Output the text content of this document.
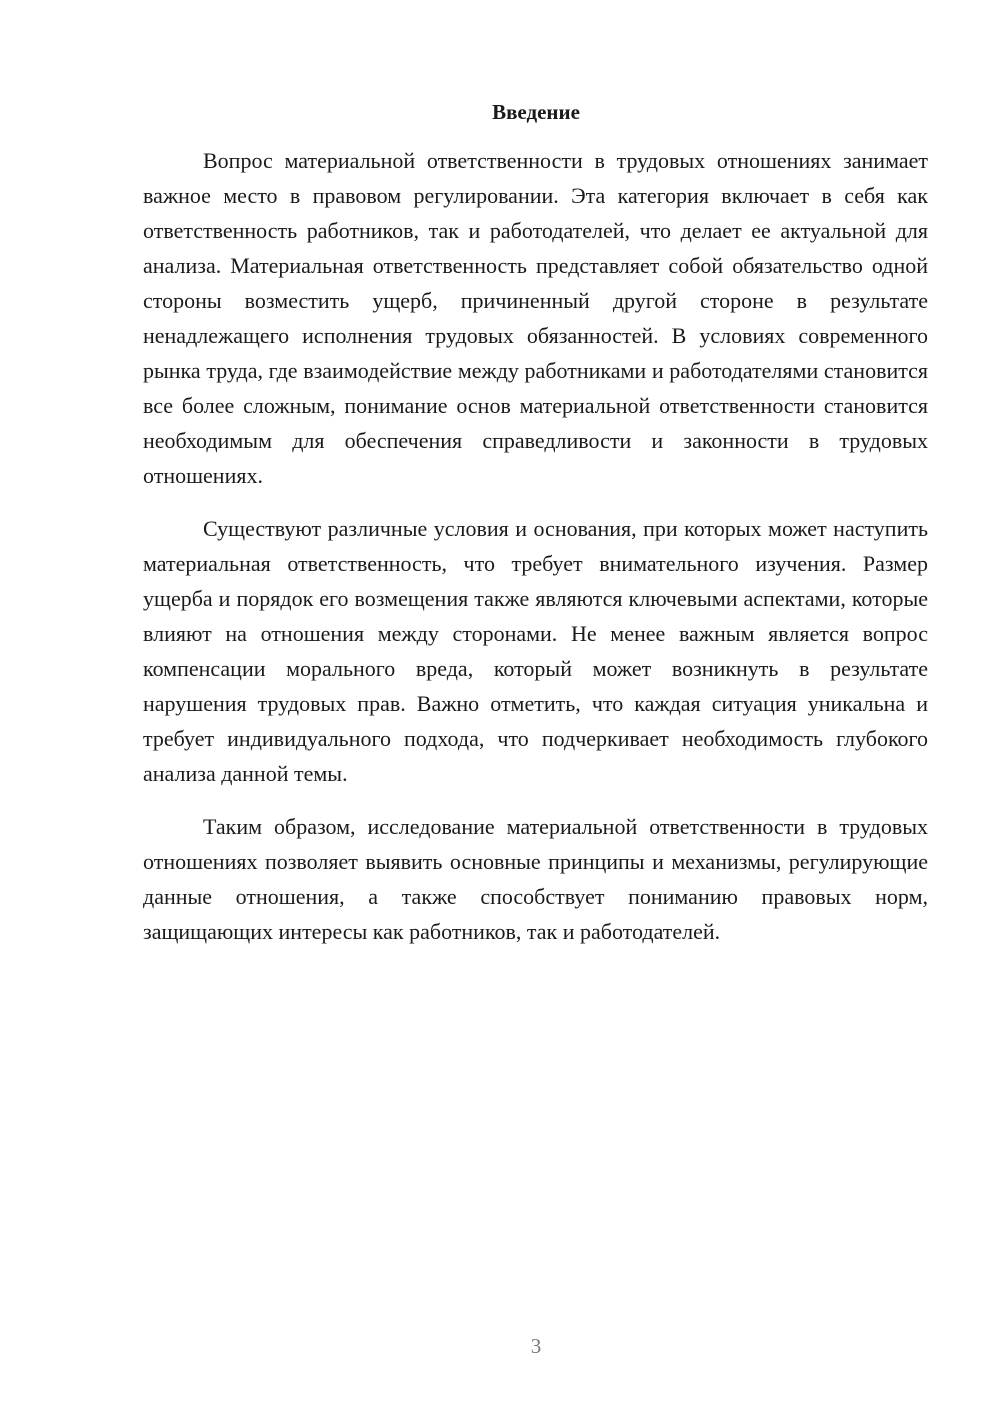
Введение

Вопрос материальной ответственности в трудовых отношениях занимает важное место в правовом регулировании. Эта категория включает в себя как ответственность работников, так и работодателей, что делает ее актуальной для анализа. Материальная ответственность представляет собой обязательство одной стороны возместить ущерб, причиненный другой стороне в результате ненадлежащего исполнения трудовых обязанностей. В условиях современного рынка труда, где взаимодействие между работниками и работодателями становится все более сложным, понимание основ материальной ответственности становится необходимым для обеспечения справедливости и законности в трудовых отношениях.

Существуют различные условия и основания, при которых может наступить материальная ответственность, что требует внимательного изучения. Размер ущерба и порядок его возмещения также являются ключевыми аспектами, которые влияют на отношения между сторонами. Не менее важным является вопрос компенсации морального вреда, который может возникнуть в результате нарушения трудовых прав. Важно отметить, что каждая ситуация уникальна и требует индивидуального подхода, что подчеркивает необходимость глубокого анализа данной темы.

Таким образом, исследование материальной ответственности в трудовых отношениях позволяет выявить основные принципы и механизмы, регулирующие данные отношения, а также способствует пониманию правовых норм, защищающих интересы как работников, так и работодателей.

3
